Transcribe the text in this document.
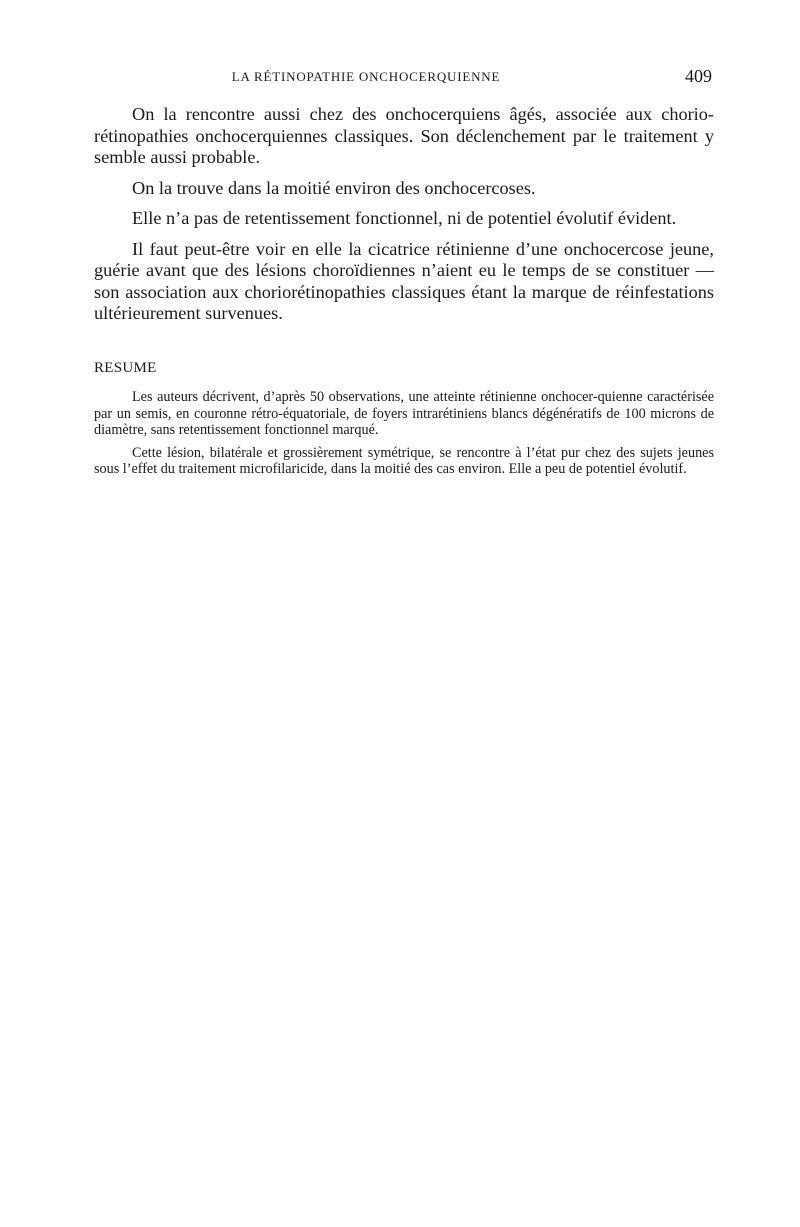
LA RÉTINOPATHIE ONCHOCERQUIENNE	409

On la rencontre aussi chez des onchocerquiens âgés, associée aux chorio-rétinopathies onchocerquiennes classiques. Son déclenchement par le traitement y semble aussi probable.

On la trouve dans la moitié environ des onchocercoses.

Elle n’a pas de retentissement fonctionnel, ni de potentiel évolutif évident.

Il faut peut-être voir en elle la cicatrice rétinienne d’une onchocercose jeune, guérie avant que des lésions choroïdiennes n’aient eu le temps de se constituer — son association aux choriorétinopathies classiques étant la marque de réinfestations ultérieurement survenues.

RESUME

Les auteurs décrivent, d’après 50 observations, une atteinte rétinienne onchocer-quienne caractérisée par un semis, en couronne rétro-équatoriale, de foyers intrarétiniens blancs dégénératifs de 100 microns de diamètre, sans retentissement fonctionnel marqué.

Cette lésion, bilatérale et grossièrement symétrique, se rencontre à l’état pur chez des sujets jeunes sous l’effet du traitement microfilaricide, dans la moitié des cas environ. Elle a peu de potentiel évolutif.
